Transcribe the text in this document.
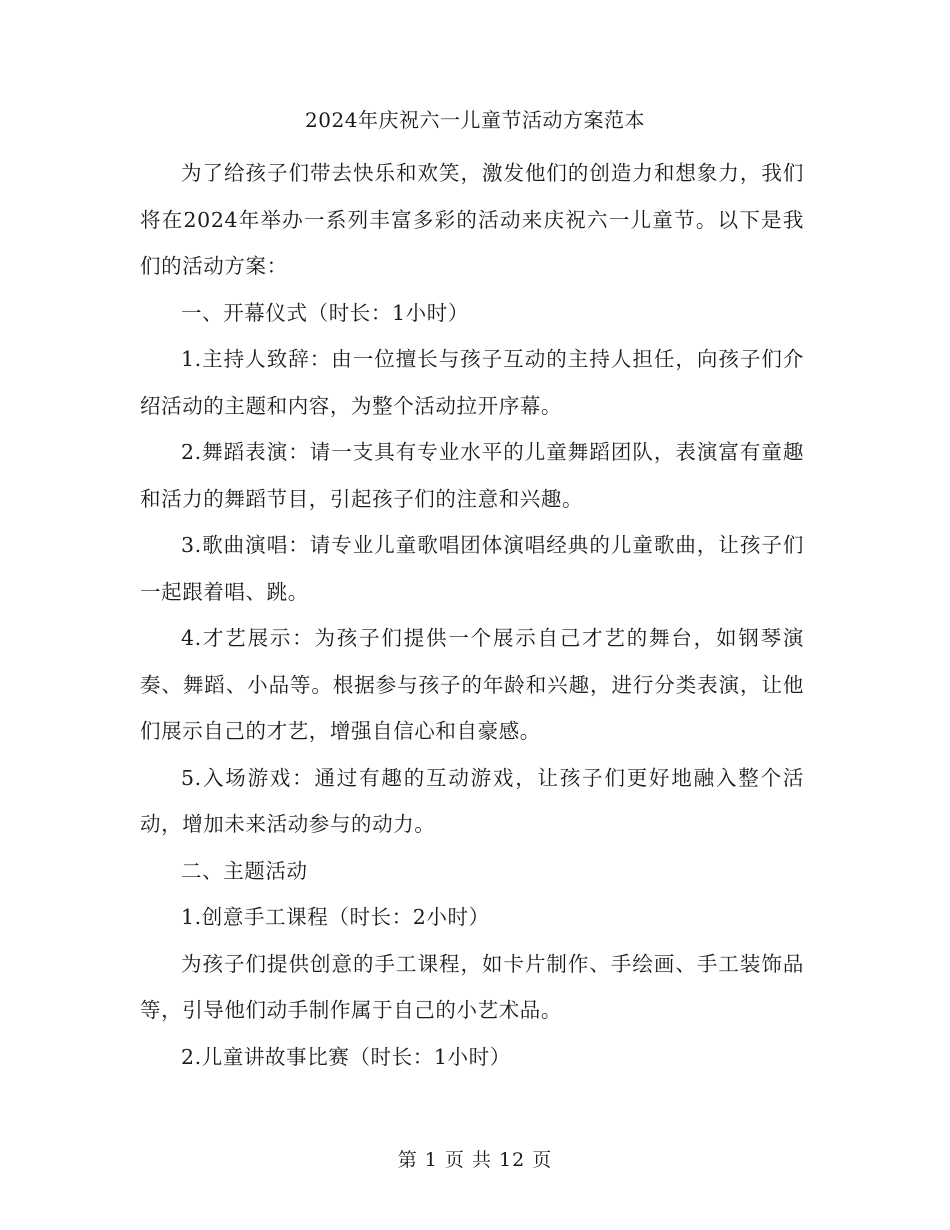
2024年庆祝六一儿童节活动方案范本

为了给孩子们带去快乐和欢笑，激发他们的创造力和想象力，我们将在2024年举办一系列丰富多彩的活动来庆祝六一儿童节。以下是我们的活动方案：

一、开幕仪式（时长：1小时）

1.主持人致辞：由一位擅长与孩子互动的主持人担任，向孩子们介绍活动的主题和内容，为整个活动拉开序幕。

2.舞蹈表演：请一支具有专业水平的儿童舞蹈团队，表演富有童趣和活力的舞蹈节目，引起孩子们的注意和兴趣。

3.歌曲演唱：请专业儿童歌唱团体演唱经典的儿童歌曲，让孩子们一起跟着唱、跳。

4.才艺展示：为孩子们提供一个展示自己才艺的舞台，如钢琴演奏、舞蹈、小品等。根据参与孩子的年龄和兴趣，进行分类表演，让他们展示自己的才艺，增强自信心和自豪感。

5.入场游戏：通过有趣的互动游戏，让孩子们更好地融入整个活动，增加未来活动参与的动力。

二、主题活动

1.创意手工课程（时长：2小时）

为孩子们提供创意的手工课程，如卡片制作、手绘画、手工装饰品等，引导他们动手制作属于自己的小艺术品。

2.儿童讲故事比赛（时长：1小时）

第 1 页 共 12 页
